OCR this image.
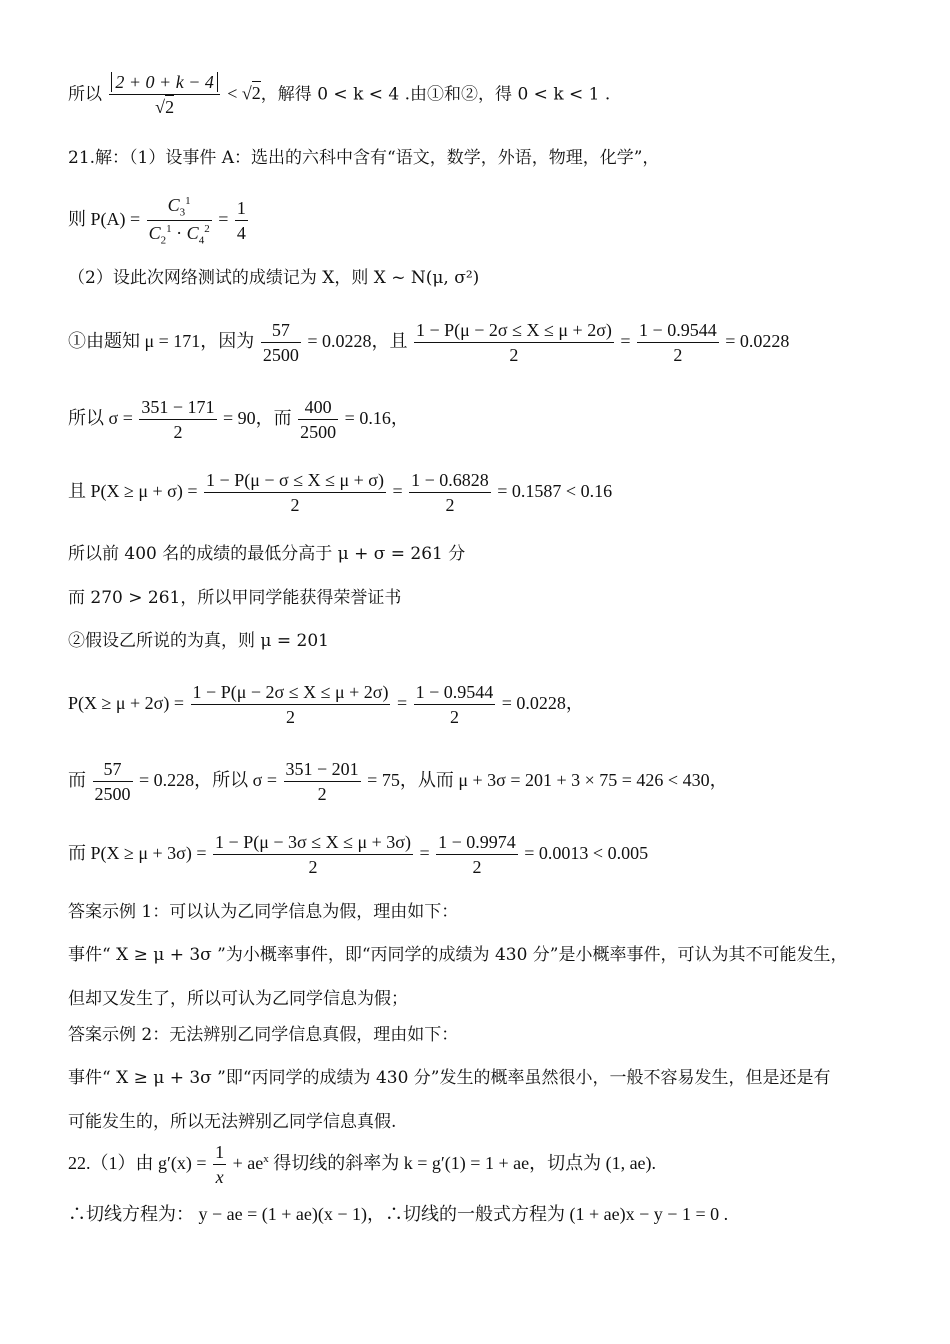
所以 $\frac{2 + 0 + k - 4}{√2} < √2$，解得 0 < k < 4 .由①和②，得 0 < k < 1 .
21.解：（1）设事件 A：选出的六科中含有“语文，数学，外语，物理，化学”，
则 $P(A) = \frac{C_3^1}{C_2^1 \cdot C_4^2} = \frac{1}{4}$
（2）设此次网络测试的成绩记为 X，则 X ~ N(μ, σ²)
①由题知 μ = 171，因为 $\frac{57}{2500} = 0.0228$，且 $\frac{1 - P(\mu - 2\sigma \le X \le \mu + 2\sigma)}{2} = \frac{1 - 0.9544}{2} = 0.0228$
所以 $\sigma = \frac{351 - 171}{2} = 90$，而 $\frac{400}{2500} = 0.16$，
且 $P(X \ge \mu + \sigma) = \frac{1 - P(\mu - \sigma \le X \le \mu + \sigma)}{2} = \frac{1 - 0.6828}{2} = 0.1587 < 0.16$
所以前 400 名的成绩的最低分高于 μ + σ = 261 分
而 270 > 261，所以甲同学能获得荣誉证书
②假设乙所说的为真，则 μ = 201
$P(X \ge \mu + 2\sigma) = \frac{1 - P(\mu - 2\sigma \le X \le \mu + 2\sigma)}{2} = \frac{1 - 0.9544}{2} = 0.0228$，
而 $\frac{57}{2500} = 0.228$，所以 $\sigma = \frac{351 - 201}{2} = 75$，从而 μ + 3σ = 201 + 3 × 75 = 426 < 430，
而 $P(X \ge \mu + 3\sigma) = \frac{1 - P(\mu - 3\sigma \le X \le \mu + 3\sigma)}{2} = \frac{1 - 0.9974}{2} = 0.0013 < 0.005$
答案示例 1：可以认为乙同学信息为假，理由如下：
事件“ X ≥ μ + 3σ ”为小概率事件，即“丙同学的成绩为 430 分”是小概率事件，可认为其不可能发生，
但却又发生了，所以可认为乙同学信息为假；
答案示例 2：无法辨别乙同学信息真假，理由如下：
事件“ X ≥ μ + 3σ ”即“丙同学的成绩为 430 分”发生的概率虽然很小，一般不容易发生，但是还是有
可能发生的，所以无法辨别乙同学信息真假.
22.（1）由 $g'(x) = \frac{1}{x} + ae^x$ 得切线的斜率为 k = g′(1) = 1 + ae，切点为 (1, ae).
∴切线方程为： y − ae = (1 + ae)(x − 1)，∴切线的一般式方程为 (1 + ae)x − y − 1 = 0 .
